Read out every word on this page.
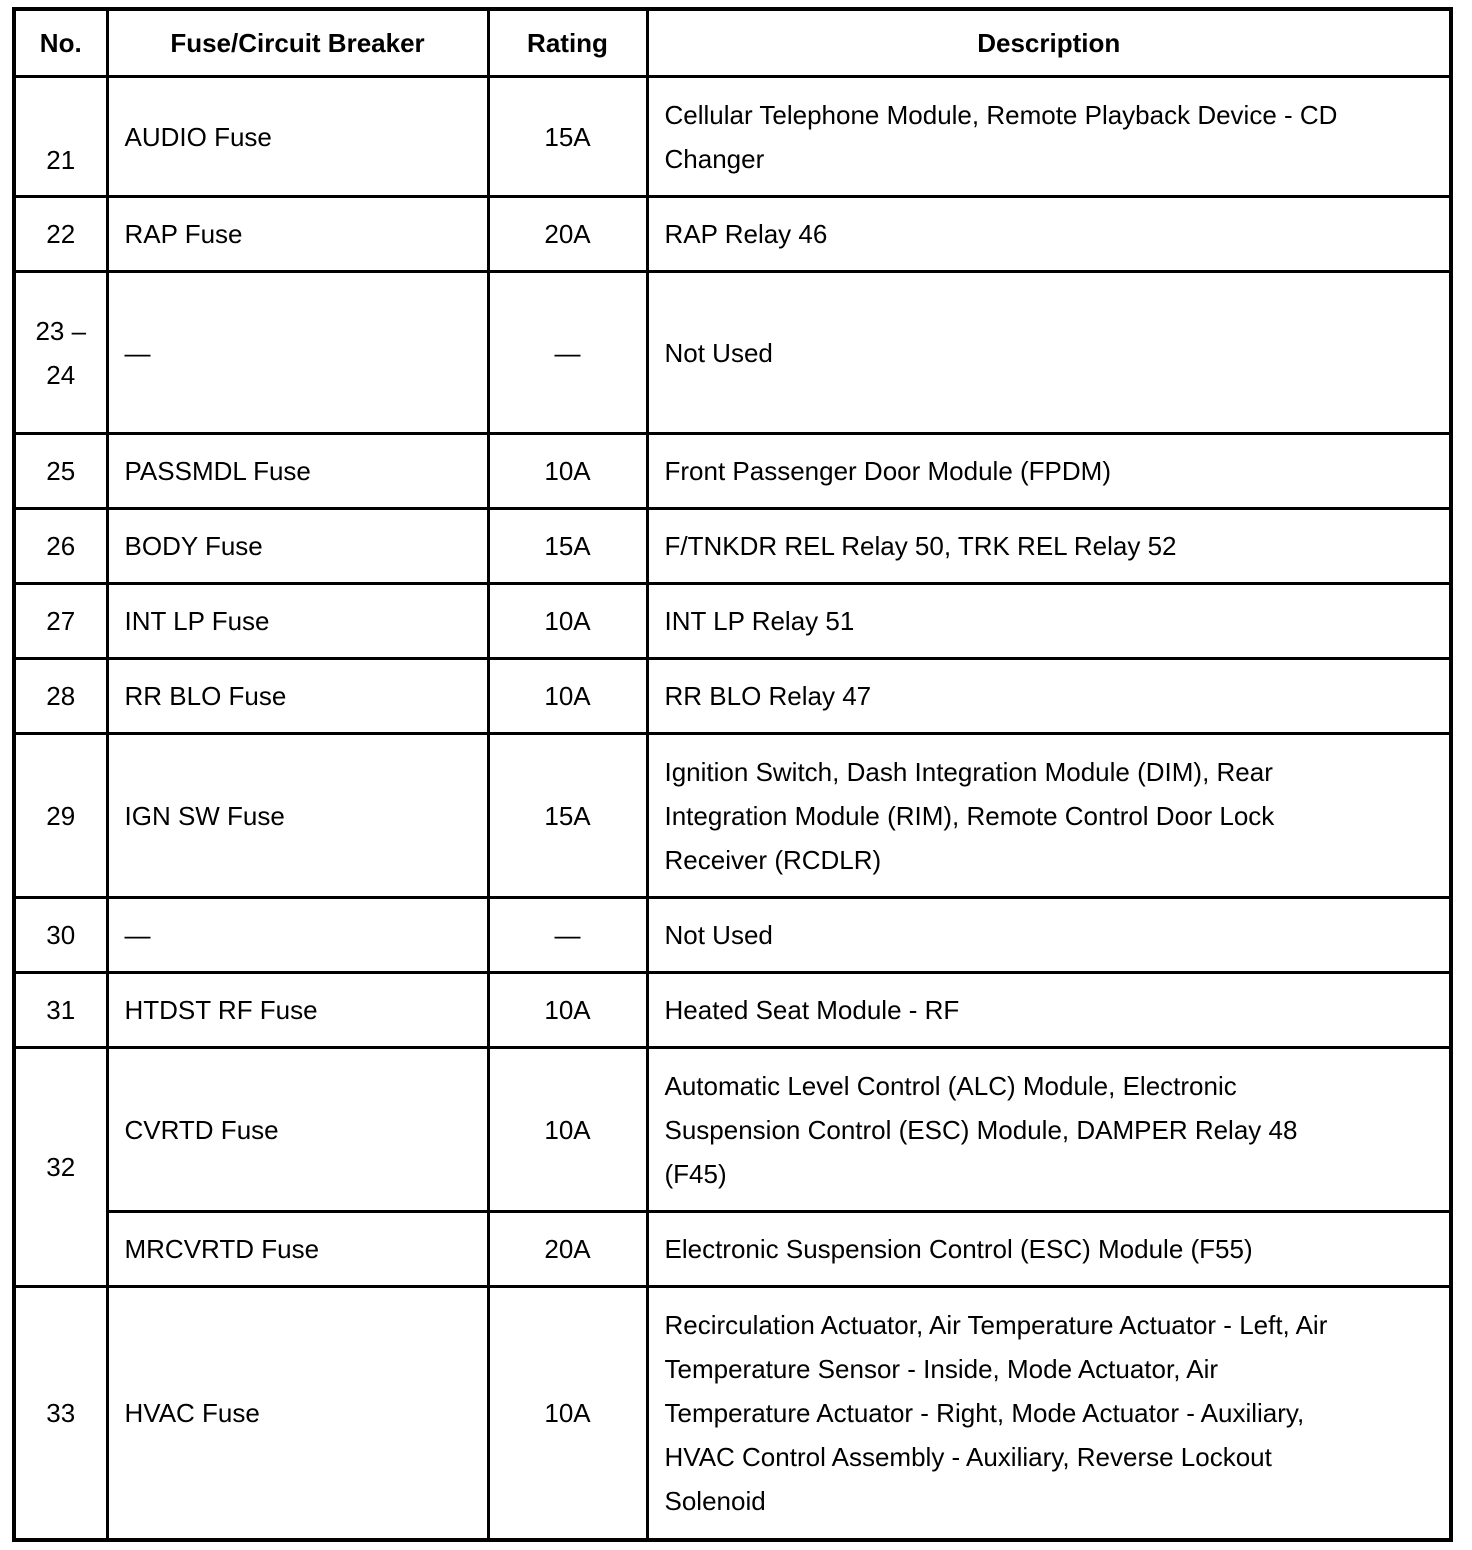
No.	Fuse/Circuit Breaker	Rating	Description
21	AUDIO Fuse	15A	Cellular Telephone Module, Remote Playback Device - CD Changer
22	RAP Fuse	20A	RAP Relay 46

23 –24	—	—	Not Used
25	PASSMDL Fuse	10A	Front Passenger Door Module (FPDM)
26	BODY Fuse	15A	F/TNKDR REL Relay 50, TRK REL Relay 52
27	INT LP Fuse	10A	INT LP Relay 51
28	RR BLO Fuse	10A	RR BLO Relay 47
29	IGN SW Fuse	15A	Ignition Switch, Dash Integration Module (DIM), Rear Integration Module (RIM), Remote Control Door Lock Receiver (RCDLR)
30	—	—	Not Used
31	HTDST RF Fuse	10A	Heated Seat Module - RF
32	CVRTD Fuse	10A	Automatic Level Control (ALC) Module, Electronic Suspension Control (ESC) Module, DAMPER Relay 48 (F45)
	MRCVRTD Fuse	20A	Electronic Suspension Control (ESC) Module (F55)
33	HVAC Fuse	10A	Recirculation Actuator, Air Temperature Actuator - Left, Air Temperature Sensor - Inside, Mode Actuator, Air Temperature Actuator - Right, Mode Actuator - Auxiliary, HVAC Control Assembly - Auxiliary, Reverse Lockout Solenoid
